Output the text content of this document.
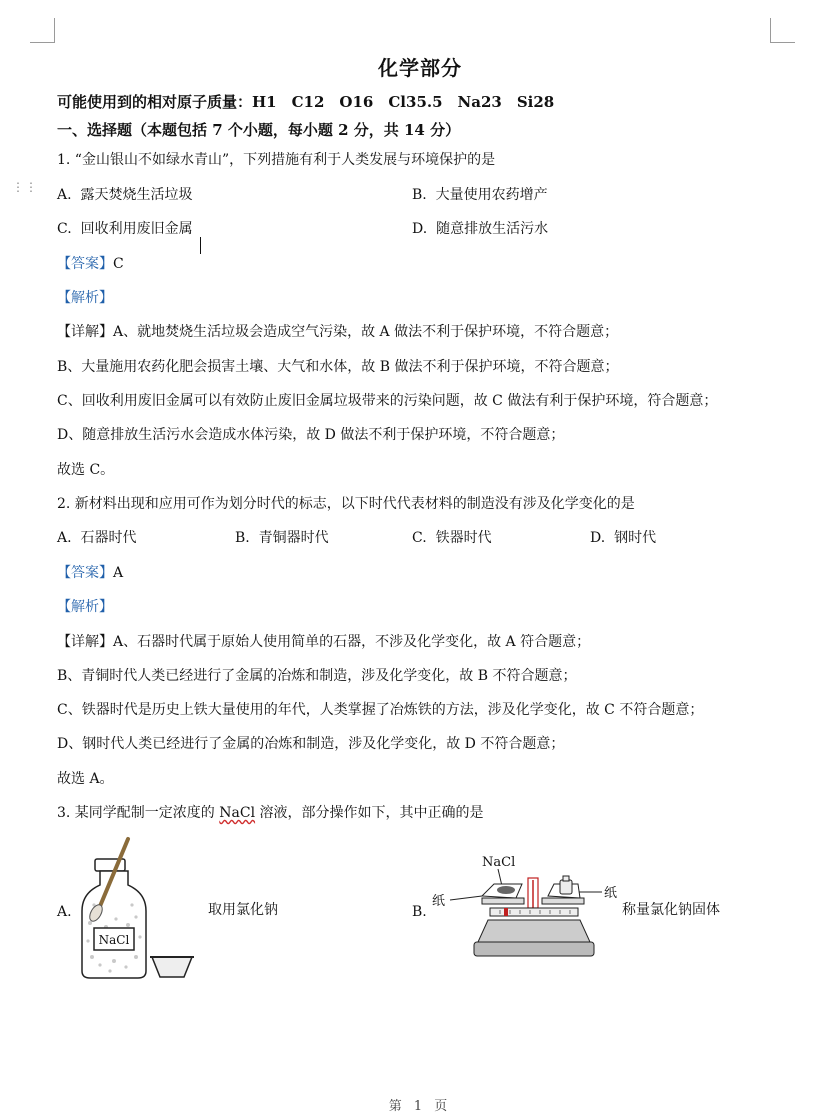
⋮⋮
化学部分
可能使用到的相对原子质量：H1　C12　O16　Cl35.5　Na23　Si28
一、选择题（本题包括 7 个小题，每小题 2 分，共 14 分）
1. “金山银山不如绿水青山”，下列措施有利于人类发展与环境保护的是
A. 露天焚烧生活垃圾	B. 大量使用农药增产
C. 回收利用废旧金属	D. 随意排放生活污水
【答案】C
【解析】
【详解】A、就地焚烧生活垃圾会造成空气污染，故 A 做法不利于保护环境，不符合题意；
B、大量施用农药化肥会损害土壤、大气和水体，故 B 做法不利于保护环境，不符合题意；
C、回收利用废旧金属可以有效防止废旧金属垃圾带来的污染问题，故 C 做法有利于保护环境，符合题意；
D、随意排放生活污水会造成水体污染，故 D 做法不利于保护环境，不符合题意；
故选 C。
2. 新材料出现和应用可作为划分时代的标志，以下时代代表材料的制造没有涉及化学变化的是
A. 石器时代	B. 青铜器时代	C. 铁器时代	D. 钢时代
【答案】A
【解析】
【详解】A、石器时代属于原始人使用简单的石器，不涉及化学变化，故 A 符合题意；
B、青铜时代人类已经进行了金属的冶炼和制造，涉及化学变化，故 B 不符合题意；
C、铁器时代是历史上铁大量使用的年代，人类掌握了冶炼铁的方法，涉及化学变化，故 C 不符合题意；
D、钢时代人类已经进行了金属的冶炼和制造，涉及化学变化，故 D 不符合题意；
故选 A。
3. 某同学配制一定浓度的 NaCl 溶液，部分操作如下，其中正确的是
A.
NaCl
取用氯化钠	B.
NaCl
纸
纸
称量氯化钠固体
第 1 页
